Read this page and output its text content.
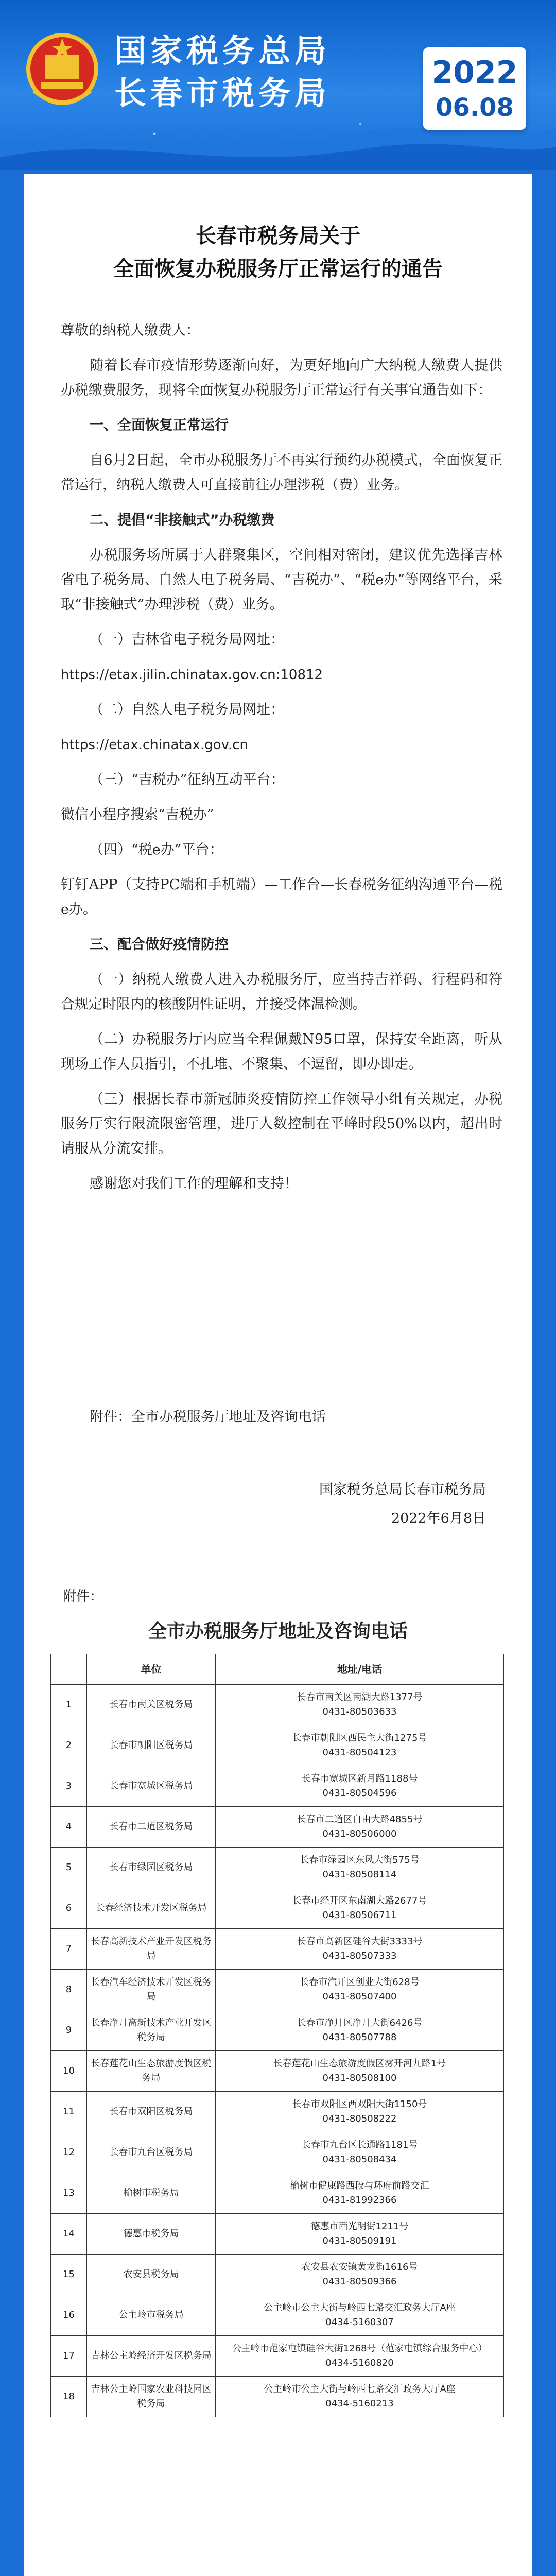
国家税务总局
长春市税务局
2022
06.08
长春市税务局关于
全面恢复办税服务厅正常运行的通告

尊敬的纳税人缴费人：

随着长春市疫情形势逐渐向好，为更好地向广大纳税人缴费人提供办税缴费服务，现将全面恢复办税服务厅正常运行有关事宜通告如下：

一、全面恢复正常运行

自6月2日起，全市办税服务厅不再实行预约办税模式，全面恢复正常运行，纳税人缴费人可直接前往办理涉税（费）业务。

二、提倡“非接触式”办税缴费

办税服务场所属于人群聚集区，空间相对密闭，建议优先选择吉林省电子税务局、自然人电子税务局、“吉税办”、“税e办”等网络平台，采取“非接触式”办理涉税（费）业务。

（一）吉林省电子税务局网址：

https://etax.jilin.chinatax.gov.cn:10812

（二）自然人电子税务局网址：

https://etax.chinatax.gov.cn

（三）“吉税办”征纳互动平台：

微信小程序搜索“吉税办”

（四）“税e办”平台：

钉钉APP（支持PC端和手机端）—工作台—长春税务征纳沟通平台—税e办。

三、配合做好疫情防控

（一）纳税人缴费人进入办税服务厅，应当持吉祥码、行程码和符合规定时限内的核酸阴性证明，并接受体温检测。

（二）办税服务厅内应当全程佩戴N95口罩，保持安全距离，听从现场工作人员指引，不扎堆、不聚集、不逗留，即办即走。

（三）根据长春市新冠肺炎疫情防控工作领导小组有关规定，办税服务厅实行限流限密管理，进厅人数控制在平峰时段50%以内，超出时请服从分流安排。

感谢您对我们工作的理解和支持！

附件：全市办税服务厅地址及咨询电话
国家税务总局长春市税务局
2022年6月8日
附件：
全市办税服务厅地址及咨询电话
	单位	地址/电话
1	长春市南关区税务局	长春市南关区南湖大路1377号
0431-80503633

2	长春市朝阳区税务局	长春市朝阳区西民主大街1275号
0431-80504123

3	长春市宽城区税务局	长春市宽城区新月路1188号
0431-80504596

4	长春市二道区税务局	长春市二道区自由大路4855号
0431-80506000

5	长春市绿园区税务局	长春市绿园区东风大街575号
0431-80508114

6	长春经济技术开发区税务局	长春市经开区东南湖大路2677号
0431-80506711

7	长春高新技术产业开发区税务局	长春市高新区硅谷大街3333号
0431-80507333

8	长春汽车经济技术开发区税务局	长春市汽开区创业大街628号
0431-80507400

9	长春净月高新技术产业开发区税务局	长春市净月区净月大街6426号
0431-80507788

10	长春莲花山生态旅游度假区税务局	长春莲花山生态旅游度假区雾开河九路1号
0431-80508100

11	长春市双阳区税务局	长春市双阳区西双阳大街1150号
0431-80508222

12	长春市九台区税务局	长春市九台区长通路1181号
0431-80508434

13	榆树市税务局	榆树市健康路西段与环府前路交汇
0431-81992366

14	德惠市税务局	德惠市西光明街1211号
0431-80509191

15	农安县税务局	农安县农安镇黄龙街1616号
0431-80509366

16	公主岭市税务局	公主岭市公主大街与岭西七路交汇政务大厅A座
0434-5160307

17	吉林公主岭经济开发区税务局	公主岭市范家屯镇硅谷大街1268号（范家屯镇综合服务中心）
0434-5160820

18	吉林公主岭国家农业科技园区税务局	公主岭市公主大街与岭西七路交汇政务大厅A座
0434-5160213
